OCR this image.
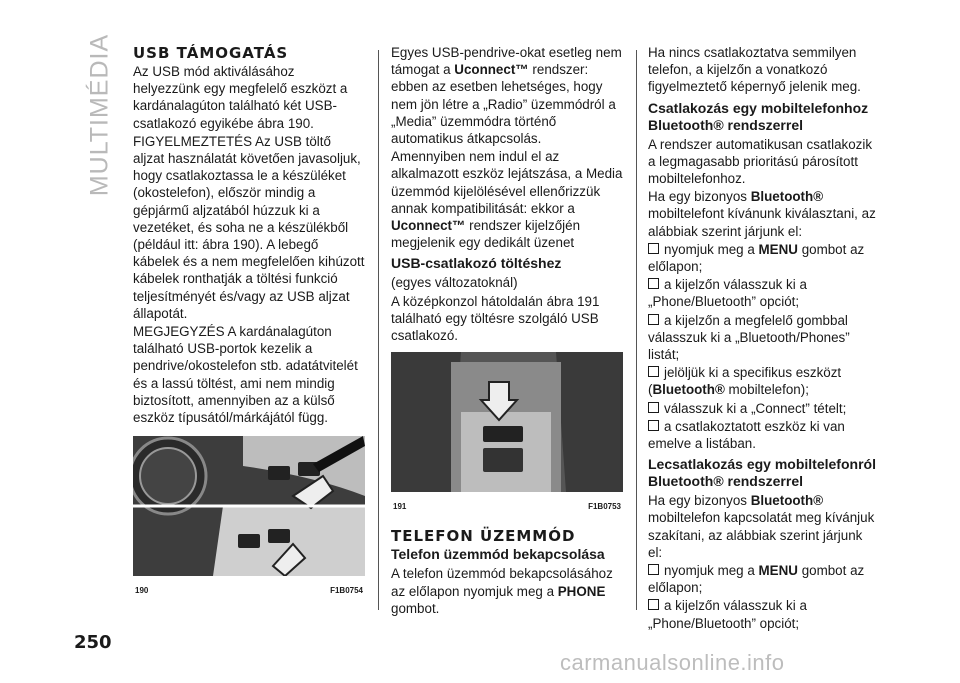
MULTIMÉDIA USB TÁMOGATÁS

Az USB mód aktiválásához helyezzünk egy megfelelő eszközt a kardánalagúton található két USB-csatlakozó egyikébe ábra 190.

FIGYELMEZTETÉS Az USB töltő aljzat használatát követően javasoljuk, hogy csatlakoztassa le a készüléket (okostelefon), először mindig a gépjármű aljzatából húzzuk ki a vezetéket, és soha ne a készülékből (például itt: ábra 190). A lebegő kábelek és a nem megfelelően kihúzott kábelek ronthatják a töltési funkció teljesítményét és/vagy az USB aljzat állapotát.

MEGJEGYZÉS A kardánalagúton található USB-portok kezelik a pendrive/okostelefon stb. adatátvitelét és a lassú töltést, ami nem mindig biztosított, amennyiben az a külső eszköz típusától/márkájától függ.

190	F1B0754

Egyes USB-pendrive-okat esetleg nem támogat a Uconnect™ rendszer: ebben az esetben lehetséges, hogy nem jön létre a „Radio” üzemmódról a „Media” üzemmódra történő automatikus átkapcsolás.

Amennyiben nem indul el az alkalmazott eszköz lejátszása, a Media üzemmód kijelölésével ellenőrizzük annak kompatibilitását: ekkor a Uconnect™ rendszer kijelzőjén megjelenik egy dedikált üzenet

USB-csatlakozó töltéshez

(egyes változatoknál)

A középkonzol hátoldalán ábra 191 található egy töltésre szolgáló USB csatlakozó.

191	F1B0753
TELEFON ÜZEMMÓD
Telefon üzemmód bekapcsolása

A telefon üzemmód bekapcsolásához az előlapon nyomjuk meg a PHONE gombot.

Ha nincs csatlakoztatva semmilyen telefon, a kijelzőn a vonatkozó figyelmeztető képernyő jelenik meg.

Csatlakozás egy mobiltelefonhoz Bluetooth® rendszerrel

A rendszer automatikusan csatlakozik a legmagasabb prioritású párosított mobiltelefonhoz.

Ha egy bizonyos Bluetooth® mobiltelefont kívánunk kiválasztani, az alábbiak szerint járjunk el:

nyomjuk meg a MENU gombot az előlapon;

a kijelzőn válasszuk ki a „Phone/Bluetooth” opciót;

a kijelzőn a megfelelő gombbal válasszuk ki a „Bluetooth/Phones” listát;

jelöljük ki a specifikus eszközt (Bluetooth® mobiltelefon);

válasszuk ki a „Connect” tételt;

a csatlakoztatott eszköz ki van emelve a listában.

Lecsatlakozás egy mobiltelefonról Bluetooth® rendszerrel

Ha egy bizonyos Bluetooth® mobiltelefon kapcsolatát meg kívánjuk szakítani, az alábbiak szerint járjunk el:

nyomjuk meg a MENU gombot az előlapon;

a kijelzőn válasszuk ki a „Phone/Bluetooth” opciót;

250
carmanualsonline.info
